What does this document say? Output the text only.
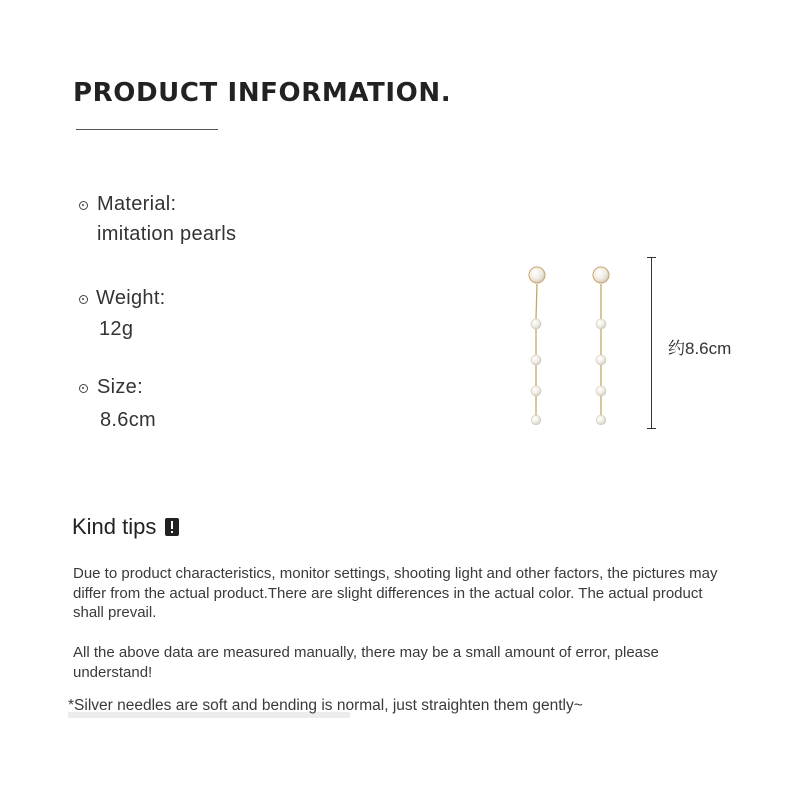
PRODUCT INFORMATION.
Material:
imitation pearls
Weight:
12g
Size:
8.6cm
约8.6cm
Kind tips
Due to product characteristics, monitor settings, shooting light and other factors, the pictures may differ from the actual product.There are slight differences in the actual color. The actual product shall prevail.
All the above data are measured manually, there may be a small amount of error, please understand!
*Silver needles are soft and bending is normal, just straighten them gently~
